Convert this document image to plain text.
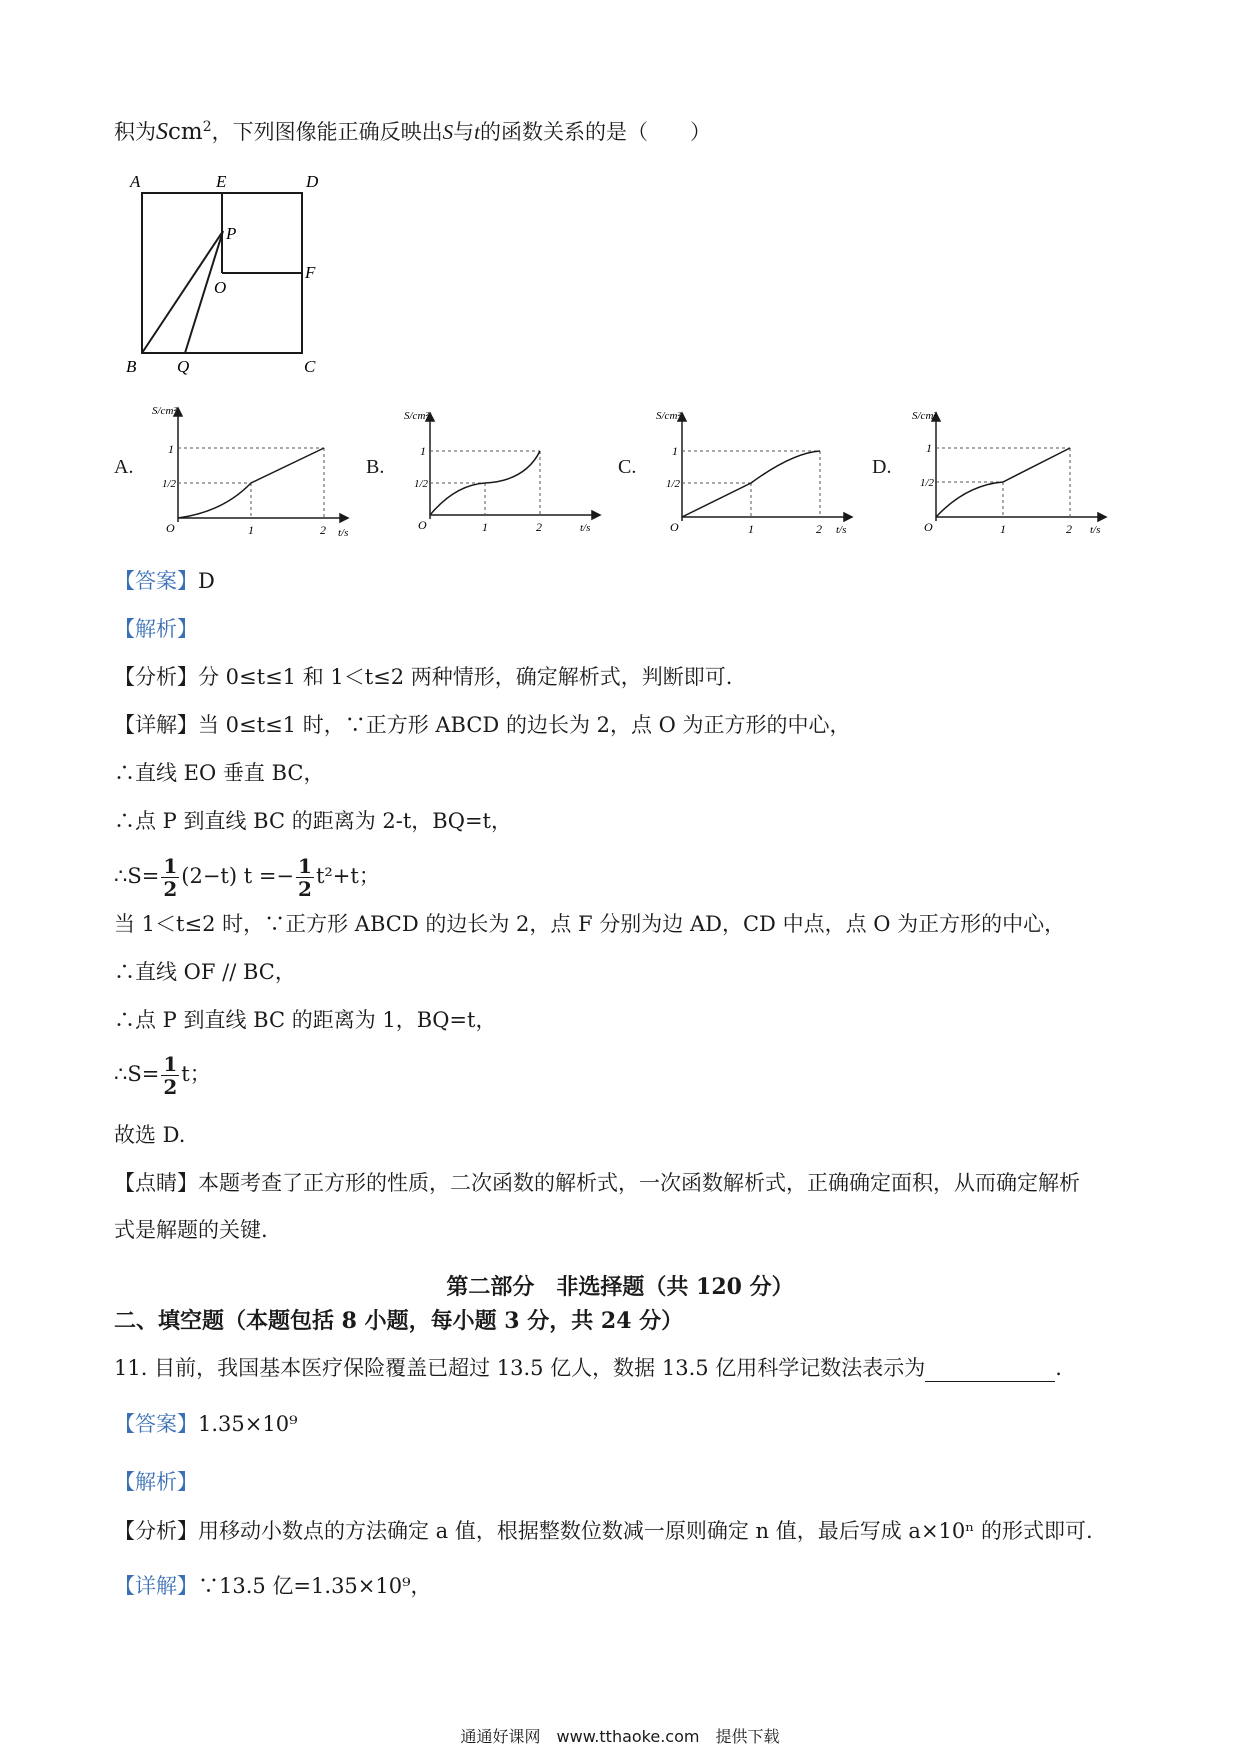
积为Scm$^2$，下列图像能正确反映出S与t的函数关系的是（　　）
A	E	D
P
O
F
B Q	C
A.	B.	C.	D.
S/cm²
t/s
1
1/2
1	2
O
S/cm²
t/s
1
1/2
1	2
O
S/cm²
t/s
1
1/2
1	2
O
S/cm²
t/s
1
1/2
1	2
O
【答案】D
【解析】
【分析】分 0≤t≤1 和 1＜t≤2 两种情形，确定解析式，判断即可.
【详解】当 0≤t≤1 时，∵正方形 ABCD 的边长为 2，点 O 为正方形的中心，
∴直线 EO 垂直 BC，
∴点 P 到直线 BC 的距离为 2-t，BQ=t，
∴S= $\frac{1}{2} (2-t) t =- \frac{1}{2} t^2+t$；
当 1＜t≤2 时，∵正方形 ABCD 的边长为 2，点 F 分别为边 AD，CD 中点，点 O 为正方形的中心，
∴直线 OF // BC，
∴点 P 到直线 BC 的距离为 1，BQ=t，
∴S= $\frac{1}{2}$ t；
故选 D.
【点睛】本题考查了正方形的性质，二次函数的解析式，一次函数解析式，正确确定面积，从而确定解析
式是解题的关键.
第二部分　非选择题（共 120 分）
二、填空题（本题包括 8 小题，每小题 3 分，共 24 分）
11. 目前，我国基本医疗保险覆盖已超过 13.5 亿人，数据 13.5 亿用科学记数法表示为	.
【答案】1.35×10⁹
【解析】
【分析】用移动小数点的方法确定 a 值，根据整数位数减一原则确定 n 值，最后写成 a×10ⁿ 的形式即可.
【详解】∵13.5 亿=1.35×10⁹，
通通好课网　www.tthaoke.com　提供下载
